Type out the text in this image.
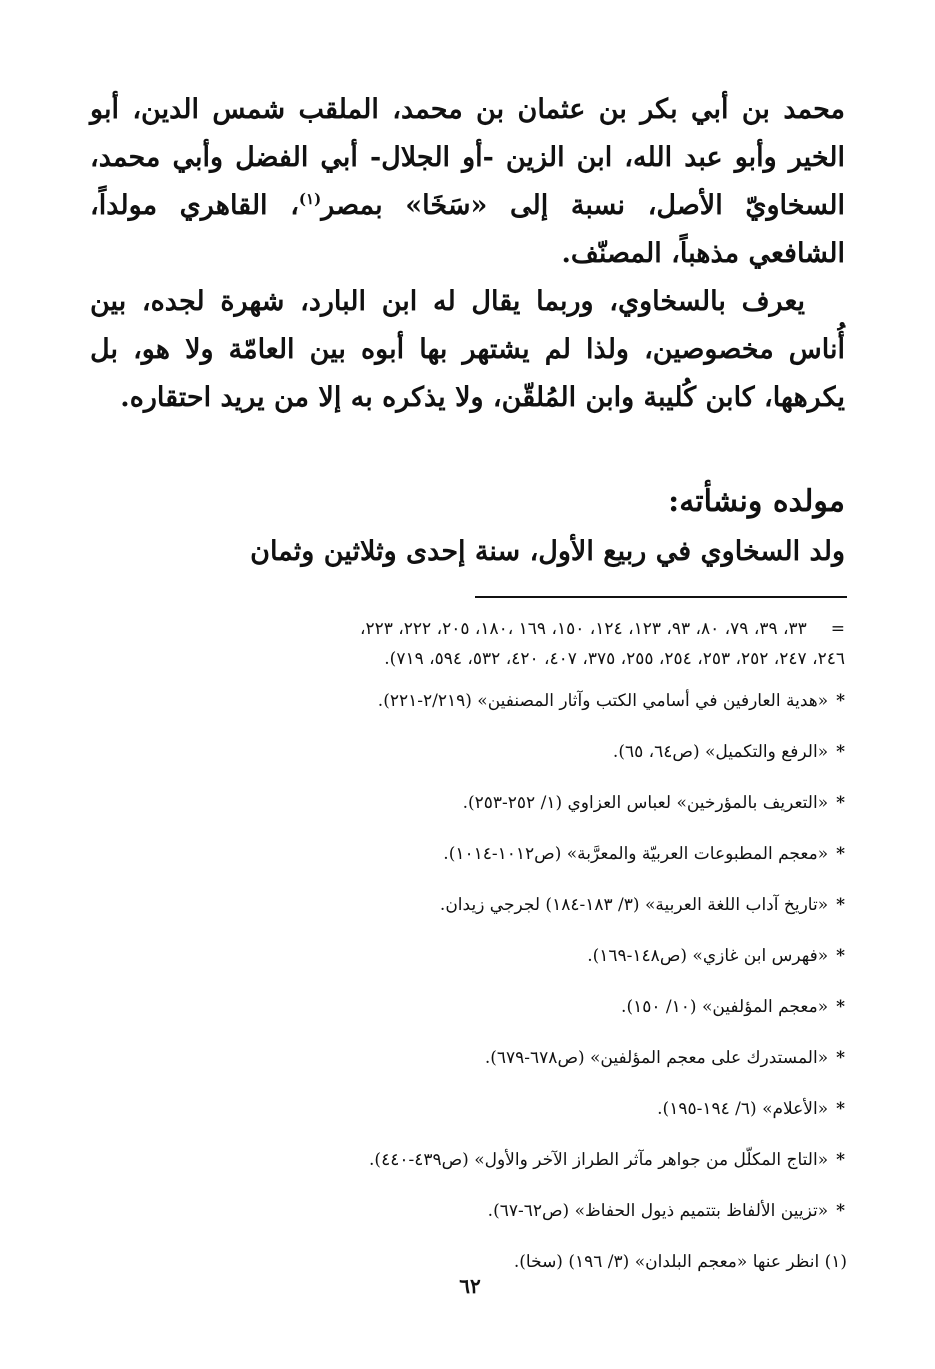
محمد بن أبي بكر بن عثمان بن محمد، الملقب شمس الدين، أبو الخير وأبو عبد الله، ابن الزين -أو الجلال- أبي الفضل وأبي محمد، السخاويّ الأصل، نسبة إلى «سَخَا» بمصر$^{(١)}$، القاهري مولداً، الشافعي مذهباً، المصنّف.

يعرف بالسخاوي، وربما يقال له ابن البارد، شهرة لجده، بين أُناس مخصوصين، ولذا لم يشتهر بها أبوه بين العامّة ولا هو، بل يكرهها، كابن كُليبة وابن المُلقّن، ولا يذكره به إلا من يريد احتقاره.

مولده ونشأته:
ولد السخاوي في ربيع الأول، سنة إحدى وثلاثين وثمان

=٣٣، ٣٩، ٧٩، ٨٠، ٩٣، ١٢٣، ١٢٤، ١٥٠، ١٦٩ ،١٨٠، ٢٠٥، ٢٢٢، ٢٢٣،

٢٤٦، ٢٤٧، ٢٥٢، ٢٥٣، ٢٥٤، ٢٥٥، ٣٧٥، ٤٠٧، ٤٢٠، ٥٣٢، ٥٩٤، ٧١٩).

*«هدية العارفين في أسامي الكتب وآثار المصنفين» (٢/٢١٩-٢٢١).
*«الرفع والتكميل» (ص٦٤، ٦٥).
*«التعريف بالمؤرخين» لعباس العزاوي (١/ ٢٥٢-٢٥٣).
*«معجم المطبوعات العربيّة والمعرَّبة» (ص١٠١٢-١٠١٤).
*«تاريخ آداب اللغة العربية» (٣/ ١٨٣-١٨٤) لجرجي زيدان.
*«فهرس ابن غازي» (ص١٤٨-١٦٩).
*«معجم المؤلفين» (١٠/ ١٥٠).
*«المستدرك على معجم المؤلفين» (ص٦٧٨-٦٧٩).
*«الأعلام» (٦/ ١٩٤-١٩٥).
*«التاج المكلّل من جواهر مآثر الطراز الآخر والأول» (ص٤٣٩-٤٤٠).
*«تزيين الألفاظ بتتميم ذيول الحفاظ» (ص٦٢-٦٧).

(١) انظر عنها «معجم البلدان» (٣/ ١٩٦) (سخا).

٦٢
